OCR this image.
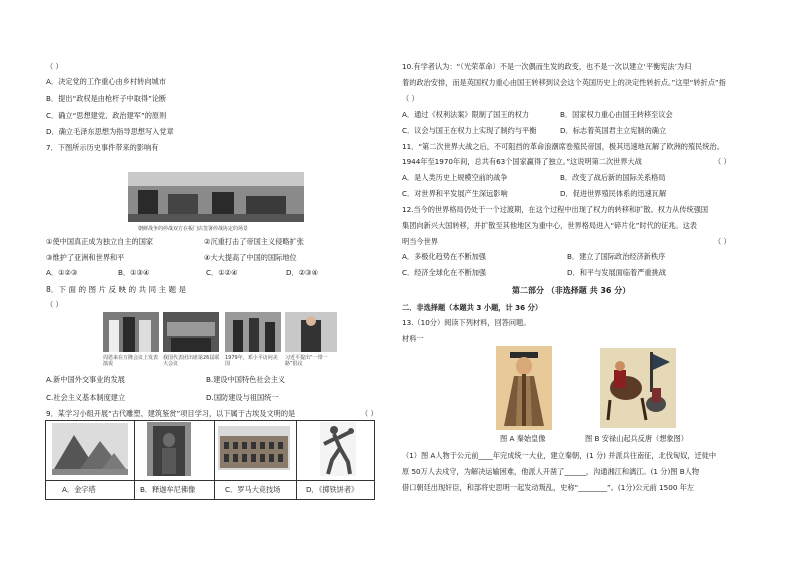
（ ）
A．决定党的工作重心由乡村转向城市
B．提出“政权是由枪杆子中取得”论断
C．确立“思想建党、政治建军”的原则
D．确立毛泽东思想为指导思想写入党章
7．下图所示历史事件带来的影响有
朝鲜战争的停战双方在板门店签署停战协定的场景
①使中国真正成为独立自主的国家	②沉重打击了帝国主义侵略扩张
③维护了亚洲和世界和平	④大大提高了中国的国际地位
A．①②③	B．①③④	C．①②④	D．②③④
8．下 面 的 图 片 反 映 的 共 同 主 题 是
（ ）
周恩来在万隆会议上发表演说
我国代表团出席第26届联大会议
1979年，邓小平访问美国
习近平提出“一带一路”倡议
A.新中国外交事业的发展	B.建设中国特色社会主义
C.社会主义基本制度建立	D.国防建设与祖国统一
9．某学习小组开展“古代雕塑、建筑鉴赏”项目学习，以下属于古埃及文明的是	（ ）
A．金字塔	B．释迦牟尼佛像	C．罗马大竞技场	D．《掷铁饼者》
10.有学者认为：“（光荣革命）不是一次偶而生发的政变，也不是一次以建立‘平衡宪法’为归
着的政治安排，而是英国权力重心由国王转移到议会这个英国历史上的决定性转折点。”这里“转折点”指
（ ）
A．通过《权利法案》限制了国王的权力	B．国家权力重心由国王转移至议会
C．议会与国王在权力上实现了制约与平衡	D．标志着英国君主立宪制的确立
11．“第二次世界大战之后，不可阻挡的革命浪潮席卷殖民帝国，极其迅速地瓦解了欧洲的殖民统治。
1944年至1970年间，总共有63个国家赢得了独立。”这说明第二次世界大战	（ ）
A．是人类历史上规模空前的战争	B．改变了战后新的国际关系格局
C．对世界和平发展产生深远影响	D．促进世界殖民体系的迅速瓦解
12.当今的世界格局仍处于一个过渡期，在这个过程中出现了权力的转移和扩散。权力从传统强国
集团向新兴大国转移，并扩散至其他地区为重中心，世界格局进入“碎片化”时代的征兆。这表
明当今世界	（ ）
A．多极化趋势在不断加强	B．建立了国际政治经济新秩序
C．经济全球化在不断加强	D．和平与发展面临着严重挑战
第二部分 （非选择题 共 36 分）
二．非选择题（本题共 3 小题，计 36 分）
13.（10分）阅读下列材料，回答问题。
材料一
图 A 秦始皇像	图 B 安禄山起兵反唐（想象图）
（1）图 A人物于公元前____年完成统一大业，建立秦朝，(1 分) 并派兵往南征，北伐匈奴，迁徙中
原 50万人去戍守，为解决运输困难，他派人开凿了______，沟通湘江和漓江。(1 分)图 B人物
借口朝廷出现奸臣，和部将史思明一起发动叛乱，史称“________”。(1分)公元前 1500 年左
